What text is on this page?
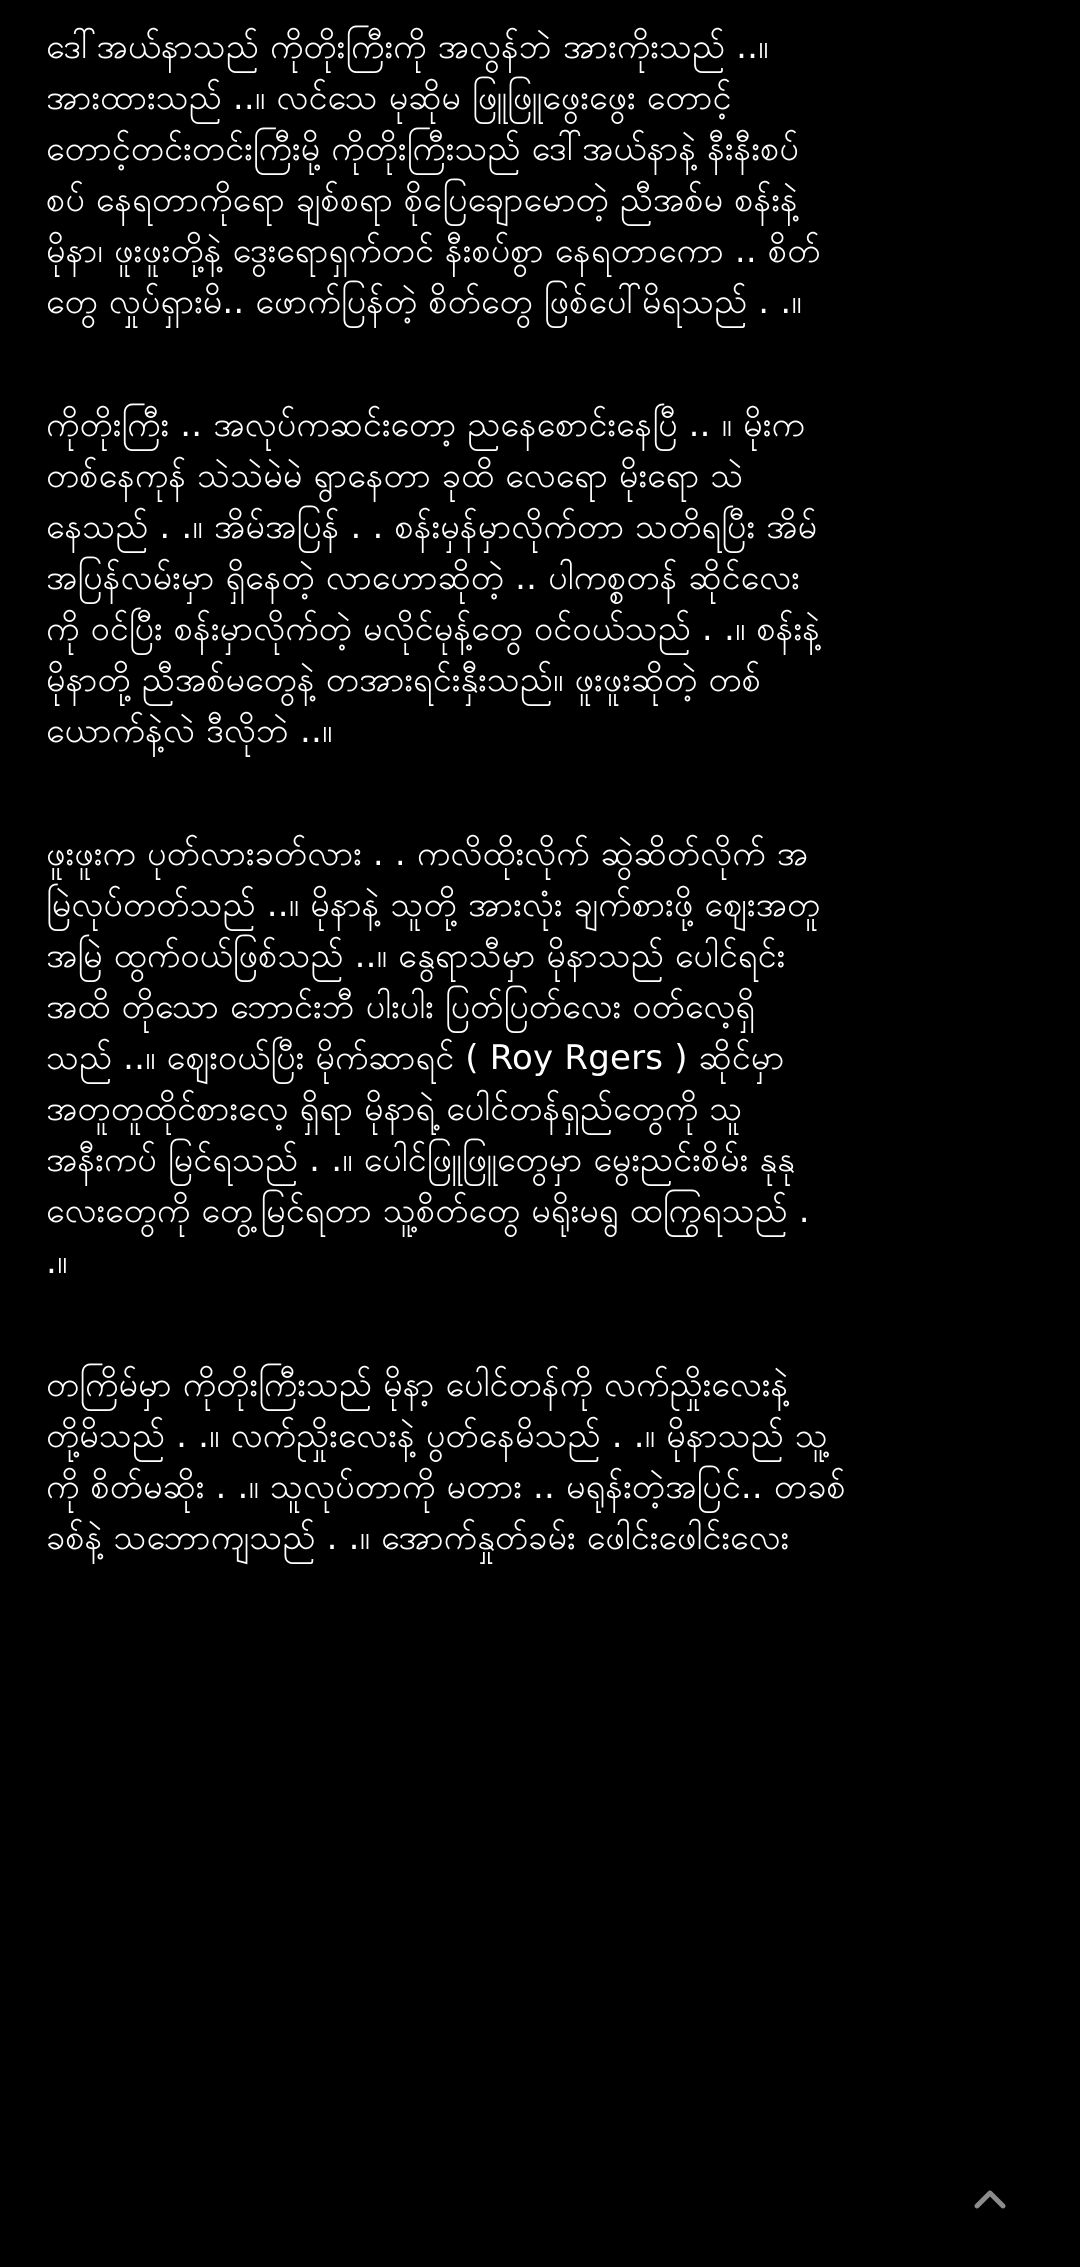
ဒေါ်အယ်နာသည် ကိုတိုးကြီးကို အလွန်ဘဲ အားကိုးသည် ..။
အားထားသည် ..။ လင်သေ မုဆိုမ ဖြူဖြူဖွေးဖွေး တောင့်
တောင့်တင်းတင်းကြီးမို့ ကိုတိုးကြီးသည် ဒေါ်အယ်နာနဲ့ နီးနီးစပ်
စပ် နေရတာကိုရော ချစ်စရာ စိုပြေချောမောတဲ့ ညီအစ်မ စန်းနဲ့
မိုနာ၊ ဖူးဖူးတို့နဲ့ ဒွေးရောရှက်တင် နီးစပ်စွာ နေရတာကော .. စိတ်
တွေ လှုပ်ရှားမိ.. ဖောက်ပြန်တဲ့ စိတ်တွေ ဖြစ်ပေါ်မိရသည် . .။
ကိုတိုးကြီး .. အလုပ်ကဆင်းတော့ ညနေစောင်းနေပြီ .. ။ မိုးက
တစ်နေကုန် သဲသဲမဲမဲ ရွာနေတာ ခုထိ လေရော မိုးရော သဲ
နေသည် . .။ အိမ်အပြန် . . စန်းမှန်မှာလိုက်တာ သတိရပြီး အိမ်
အပြန်လမ်းမှာ ရှိနေတဲ့ လာဟောဆိုတဲ့ .. ပါကစ္စတန် ဆိုင်လေး
ကို ဝင်ပြီး စန်းမှာလိုက်တဲ့ မလိုင်မုန့်တွေ ဝင်ဝယ်သည် . .။ စန်းနဲ့
မိုနာတို့ ညီအစ်မတွေနဲ့ တအားရင်းနှီးသည်။ ဖူးဖူးဆိုတဲ့ တစ်
ယောက်နဲ့လဲ ဒီလိုဘဲ ..။
ဖူးဖူးက ပုတ်လားခတ်လား . . ကလိထိုးလိုက် ဆွဲဆိတ်လိုက် အ
မြဲလုပ်တတ်သည် ..။ မိုနာနဲ့ သူတို့ အားလုံး ချက်စားဖို့ ဈေးအတူ
အမြဲ ထွက်ဝယ်ဖြစ်သည် ..။ နွေရာသီမှာ မိုနာသည် ပေါင်ရင်း
အထိ တိုသော ဘောင်းဘီ ပါးပါး ပြတ်ပြတ်လေး ဝတ်လေ့ရှိ
သည် ..။ ဈေးဝယ်ပြီး မိုက်ဆာရင် ( Roy Rgers ) ဆိုင်မှာ
အတူတူထိုင်စားလေ့ ရှိရာ မိုနာရဲ့ ပေါင်တန်ရှည်တွေကို သူ
အနီးကပ် မြင်ရသည် . .။ ပေါင်ဖြူဖြူတွေမှာ မွေးညင်းစိမ်း နုနု
လေးတွေကို တွေ့မြင်ရတာ သူ့စိတ်တွေ မရိုးမရွ ထကြွရသည် .
.။
တကြိမ်မှာ ကိုတိုးကြီးသည် မိုနာ့ ပေါင်တန်ကို လက်ညှိုးလေးနဲ့
တို့မိသည် . .။ လက်ညှိုးလေးနဲ့ ပွတ်နေမိသည် . .။ မိုနာသည် သူ့
ကို စိတ်မဆိုး . .။ သူလုပ်တာကို မတား .. မရုန်းတဲ့အပြင်.. တခစ်
ခစ်နဲ့ သဘောကျသည် . .။ အောက်နှုတ်ခမ်း ဖေါင်းဖေါင်းလေး
